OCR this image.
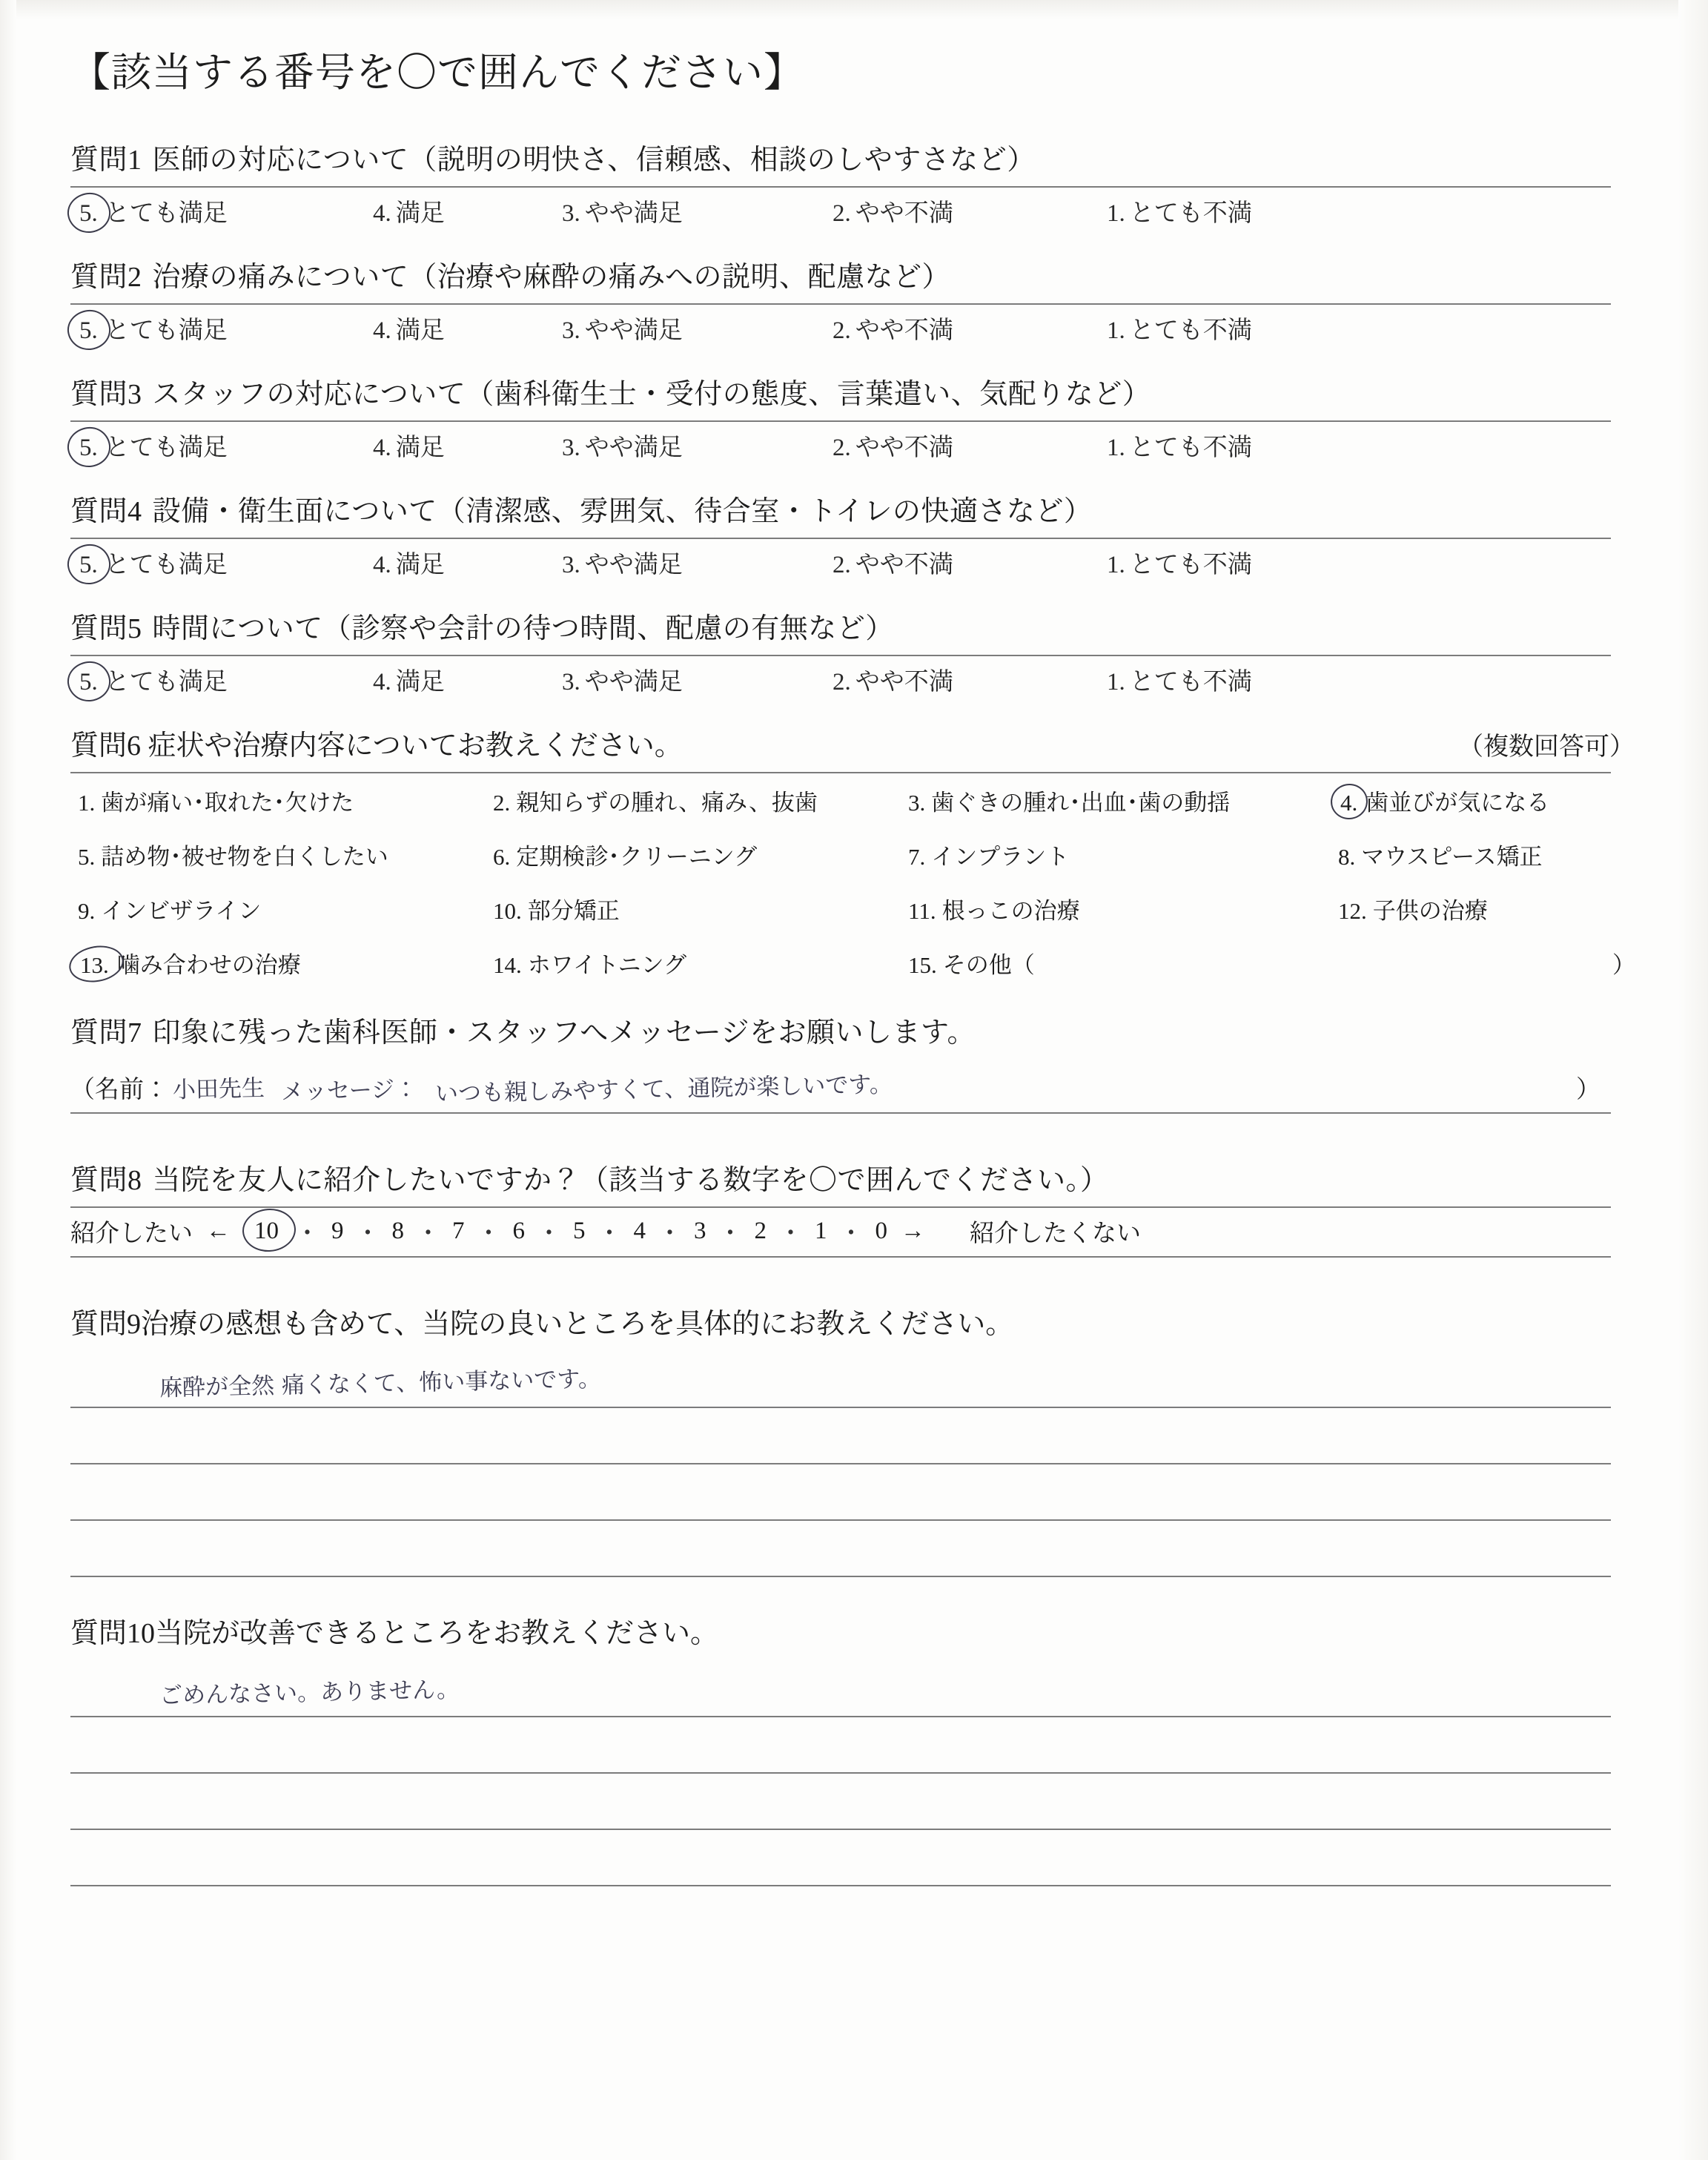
【該当する番号を〇で囲んでください】
質問1 医師の対応について（説明の明快さ、信頼感、相談のしやすさなど）
5. とても満足	4. 満足	3. やや満足	2. やや不満	1. とても不満
質問2 治療の痛みについて（治療や麻酔の痛みへの説明、配慮など）
5. とても満足	4. 満足	3. やや満足	2. やや不満	1. とても不満
質問3 スタッフの対応について（歯科衛生士・受付の態度、言葉遣い、気配りなど）
5. とても満足	4. 満足	3. やや満足	2. やや不満	1. とても不満
質問4 設備・衛生面について（清潔感、雰囲気、待合室・トイレの快適さなど）
5. とても満足	4. 満足	3. やや満足	2. やや不満	1. とても不満
質問5 時間について（診察や会計の待つ時間、配慮の有無など）
5. とても満足	4. 満足	3. やや満足	2. やや不満	1. とても不満
質問6 症状や治療内容についてお教えください。	（複数回答可）
1. 歯が痛い･取れた･欠けた	2. 親知らずの腫れ、痛み、抜歯	3. 歯ぐきの腫れ･出血･歯の動揺	4. 歯並びが気になる
5. 詰め物･被せ物を白くしたい	6. 定期検診･クリーニング	7. インプラント	8. マウスピース矯正
9. インビザライン	10. 部分矯正	11. 根っこの治療	12. 子供の治療
13. 噛み合わせの治療	14. ホワイトニング	15. その他（	）
質問7 印象に残った歯科医師・スタッフへメッセージをお願いします。
（名前： 小田先生 メッセージ： いつも親しみやすくて、通院が楽しいです。	）
質問8 当院を友人に紹介したいですか？（該当する数字を〇で囲んでください。）
紹介したい ← 10 ・ 9 ・ 8 ・ 7 ・ 6 ・ 5 ・ 4 ・ 3 ・ 2 ・ 1 ・ 0 → 紹介したくない
質問9治療の感想も含めて、当院の良いところを具体的にお教えください。
麻酔が全然 痛くなくて、怖い事ないです。
質問10当院が改善できるところをお教えください。
ごめんなさい。ありません。
